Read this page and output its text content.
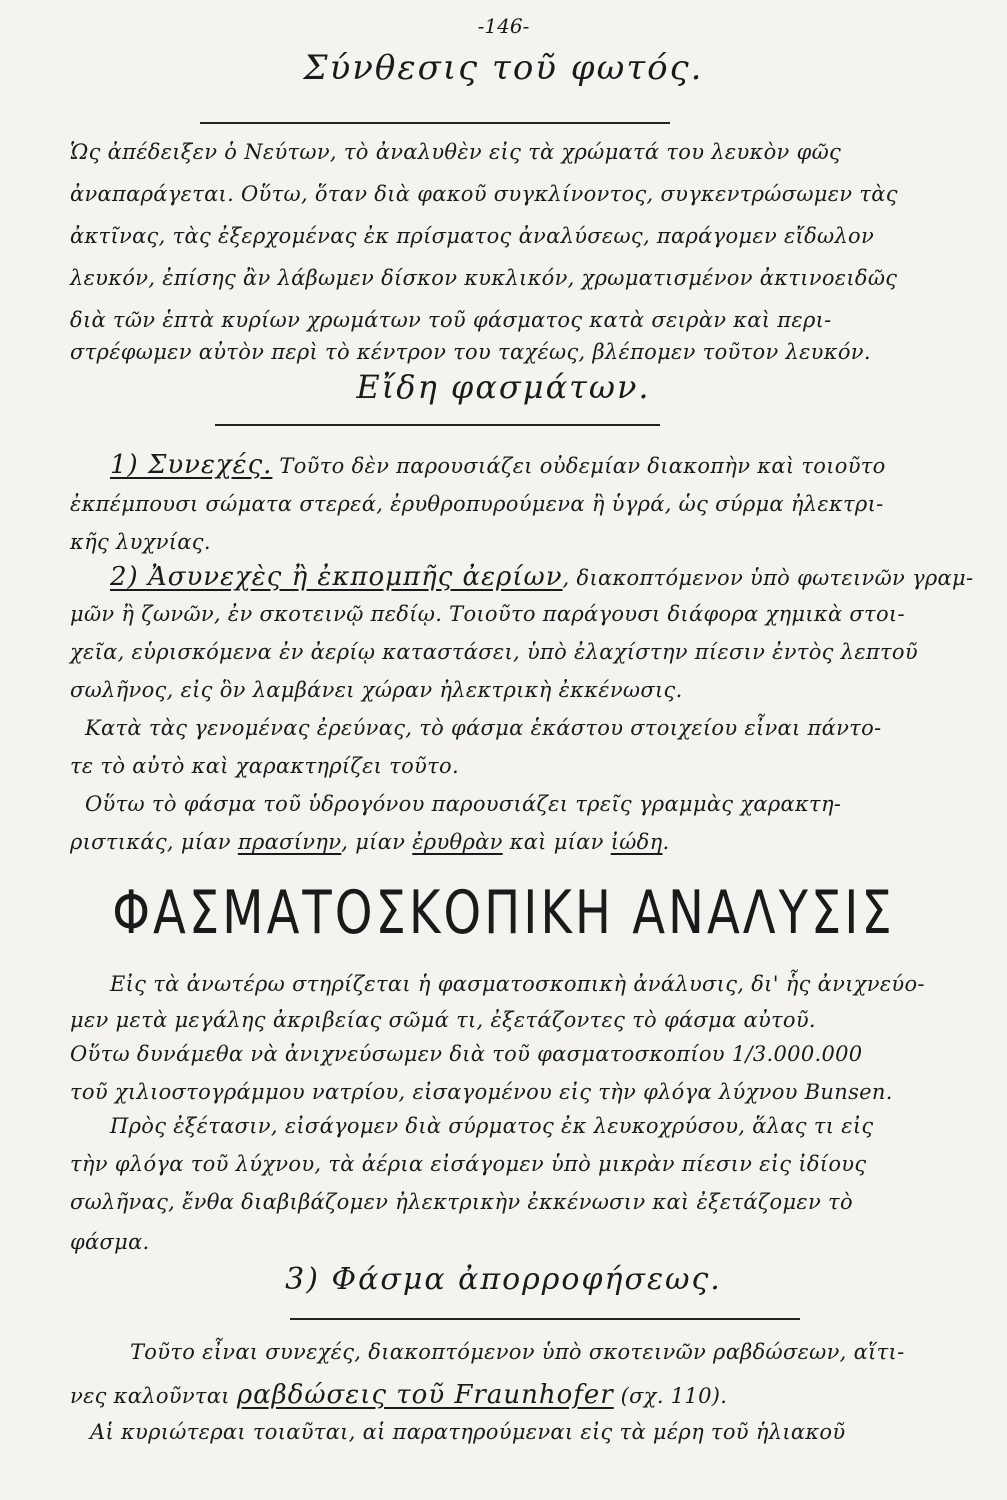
-146-
Σύνθεσις τοῦ φωτός.
Ὡς ἀπέδειξεν ὁ Νεύτων, τὸ ἀναλυθὲν εἰς τὰ χρώματά του λευκὸν φῶς
ἀναπαράγεται. Οὕτω, ὅταν διὰ φακοῦ συγκλίνοντος, συγκεντρώσωμεν τὰς
ἀκτῖνας, τὰς ἐξερχομένας ἐκ πρίσματος ἀναλύσεως, παράγομεν εἴδωλον
λευκόν, ἐπίσης ἂν λάβωμεν δίσκον κυκλικόν, χρωματισμένον ἀκτινοειδῶς
διὰ τῶν ἑπτὰ κυρίων χρωμάτων τοῦ φάσματος κατὰ σειρὰν καὶ περι-
στρέφωμεν αὐτὸν περὶ τὸ κέντρον του ταχέως, βλέπομεν τοῦτον λευκόν.
Εἴδη φασμάτων.
1) Συνεχές. Τοῦτο δὲν παρουσιάζει οὐδεμίαν διακοπὴν καὶ τοιοῦτο
ἐκπέμπουσι σώματα στερεά, ἐρυθροπυρούμενα ἢ ὑγρά, ὡς σύρμα ἠλεκτρι-
κῆς λυχνίας.
2) Ἀσυνεχὲς ἢ ἐκπομπῆς ἀερίων, διακοπτόμενον ὑπὸ φωτεινῶν γραμ-
μῶν ἢ ζωνῶν, ἐν σκοτεινῷ πεδίῳ. Τοιοῦτο παράγουσι διάφορα χημικὰ στοι-
χεῖα, εὑρισκόμενα ἐν ἀερίῳ καταστάσει, ὑπὸ ἐλαχίστην πίεσιν ἐντὸς λεπτοῦ
σωλῆνος, εἰς ὃν λαμβάνει χώραν ἠλεκτρικὴ ἐκκένωσις.
Κατὰ τὰς γενομένας ἐρεύνας, τὸ φάσμα ἑκάστου στοιχείου εἶναι πάντο-
τε τὸ αὐτὸ καὶ χαρακτηρίζει τοῦτο.
Οὕτω τὸ φάσμα τοῦ ὑδρογόνου παρουσιάζει τρεῖς γραμμὰς χαρακτη-
ριστικάς, μίαν πρασίνην, μίαν ἐρυθρὰν καὶ μίαν ἰώδη.
ΦΑΣΜΑΤΟΣΚΟΠΙΚΗ ΑΝΑΛΥΣΙΣ
Εἰς τὰ ἀνωτέρω στηρίζεται ἡ φασματοσκοπικὴ ἀνάλυσις, δι' ἧς ἀνιχνεύο-
μεν μετὰ μεγάλης ἀκριβείας σῶμά τι, ἐξετάζοντες τὸ φάσμα αὐτοῦ.
Οὕτω δυνάμεθα νὰ ἀνιχνεύσωμεν διὰ τοῦ φασματοσκοπίου 1/3.000.000
τοῦ χιλιοστογράμμου νατρίου, εἰσαγομένου εἰς τὴν φλόγα λύχνου Bunsen.
Πρὸς ἐξέτασιν, εἰσάγομεν διὰ σύρματος ἐκ λευκοχρύσου, ἅλας τι εἰς
τὴν φλόγα τοῦ λύχνου, τὰ ἀέρια εἰσάγομεν ὑπὸ μικρὰν πίεσιν εἰς ἰδίους
σωλῆνας, ἔνθα διαβιβάζομεν ἠλεκτρικὴν ἐκκένωσιν καὶ ἐξετάζομεν τὸ
φάσμα.
3) Φάσμα ἀπορροφήσεως.
Τοῦτο εἶναι συνεχές, διακοπτόμενον ὑπὸ σκοτεινῶν ραβδώσεων, αἵτι-
νες καλοῦνται ραβδώσεις τοῦ Fraunhofer (σχ. 110).
Αἱ κυριώτεραι τοιαῦται, αἱ παρατηρούμεναι εἰς τὰ μέρη τοῦ ἡλιακοῦ
